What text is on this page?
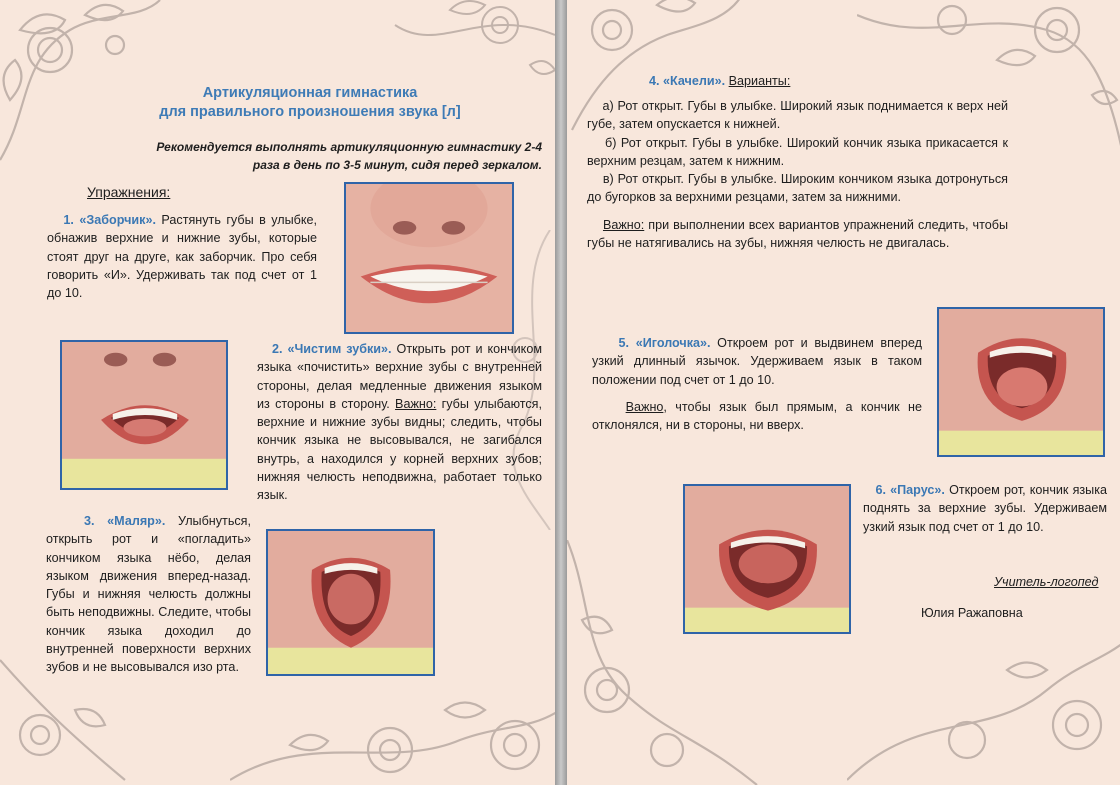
Артикуляционная гимнастика
для правильного произношения звука [л]
Рекомендуется выполнять артикуляционную гимнастику 2-4 раза в день по 3-5 минут, сидя перед зеркалом.
Упражнения:
1. «Заборчик». Растянуть губы в улыбке, обнажив верхние и нижние зубы, которые стоят друг на друге, как заборчик. Про себя говорить «И». Удерживать так под счет от 1 до 10.
2. «Чистим зубки». Открыть рот и кончиком языка «почистить» верхние зубы с внутренней стороны, делая медленные движения языком из стороны в сторону. Важно: губы улыбаются, верхние и нижние зубы видны; следить, чтобы кончик языка не высовывался, не загибался внутрь, а находился у корней верхних зубов; нижняя челюсть неподвижна, работает только язык.
3. «Маляр». Улыбнуться, открыть рот и «погладить» кончиком языка нёбо, делая языком движения вперед-назад. Губы и нижняя челюсть должны быть неподвижны. Следите, чтобы кончик языка доходил до внутренней поверхности верхних зубов и не высовывался изо рта.
4. «Качели». Варианты:
а) Рот открыт. Губы в улыбке. Широкий язык поднимается к верх ней губе, затем опускается к нижней.
б) Рот открыт. Губы в улыбке. Широкий кончик языка прикасается к верхним резцам, затем к нижним.
в) Рот открыт. Губы в улыбке. Широким кончиком языка дотронуться до бугорков за верхними резцами, затем за нижними.
Важно: при выполнении всех вариантов упражнений следить, чтобы губы не натягивались на зубы, нижняя челюсть не двигалась.
5. «Иголочка». Откроем рот и выдвинем вперед узкий длинный язычок. Удерживаем язык в таком положении под счет от 1 до 10.
Важно, чтобы язык был прямым, а кончик не отклонялся, ни в стороны, ни вверх.
6. «Парус». Откроем рот, кончик языка поднять за верхние зубы. Удерживаем узкий язык под счет от 1 до 10.
Учитель-логопед
Юлия Ражаповна
